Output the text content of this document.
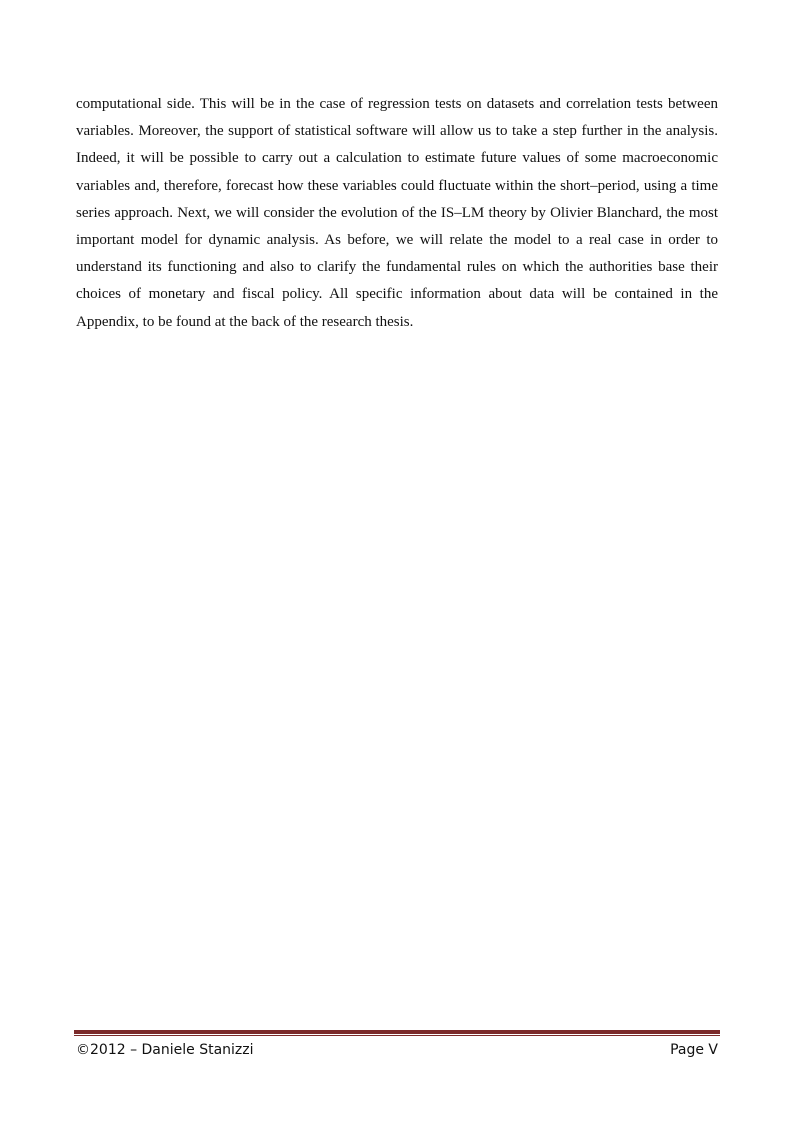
computational side. This will be in the case of regression tests on datasets and correlation tests between variables. Moreover, the support of statistical software will allow us to take a step further in the analysis. Indeed, it will be possible to carry out a calculation to estimate future values of some macroeconomic variables and, therefore, forecast how these variables could fluctuate within the short–period, using a time series approach. Next, we will consider the evolution of the IS–LM theory by Olivier Blanchard, the most important model for dynamic analysis. As before, we will relate the model to a real case in order to understand its functioning and also to clarify the fundamental rules on which the authorities base their choices of monetary and fiscal policy. All specific information about data will be contained in the Appendix, to be found at the back of the research thesis.

©2012 – Daniele Stanizzi	Page V
